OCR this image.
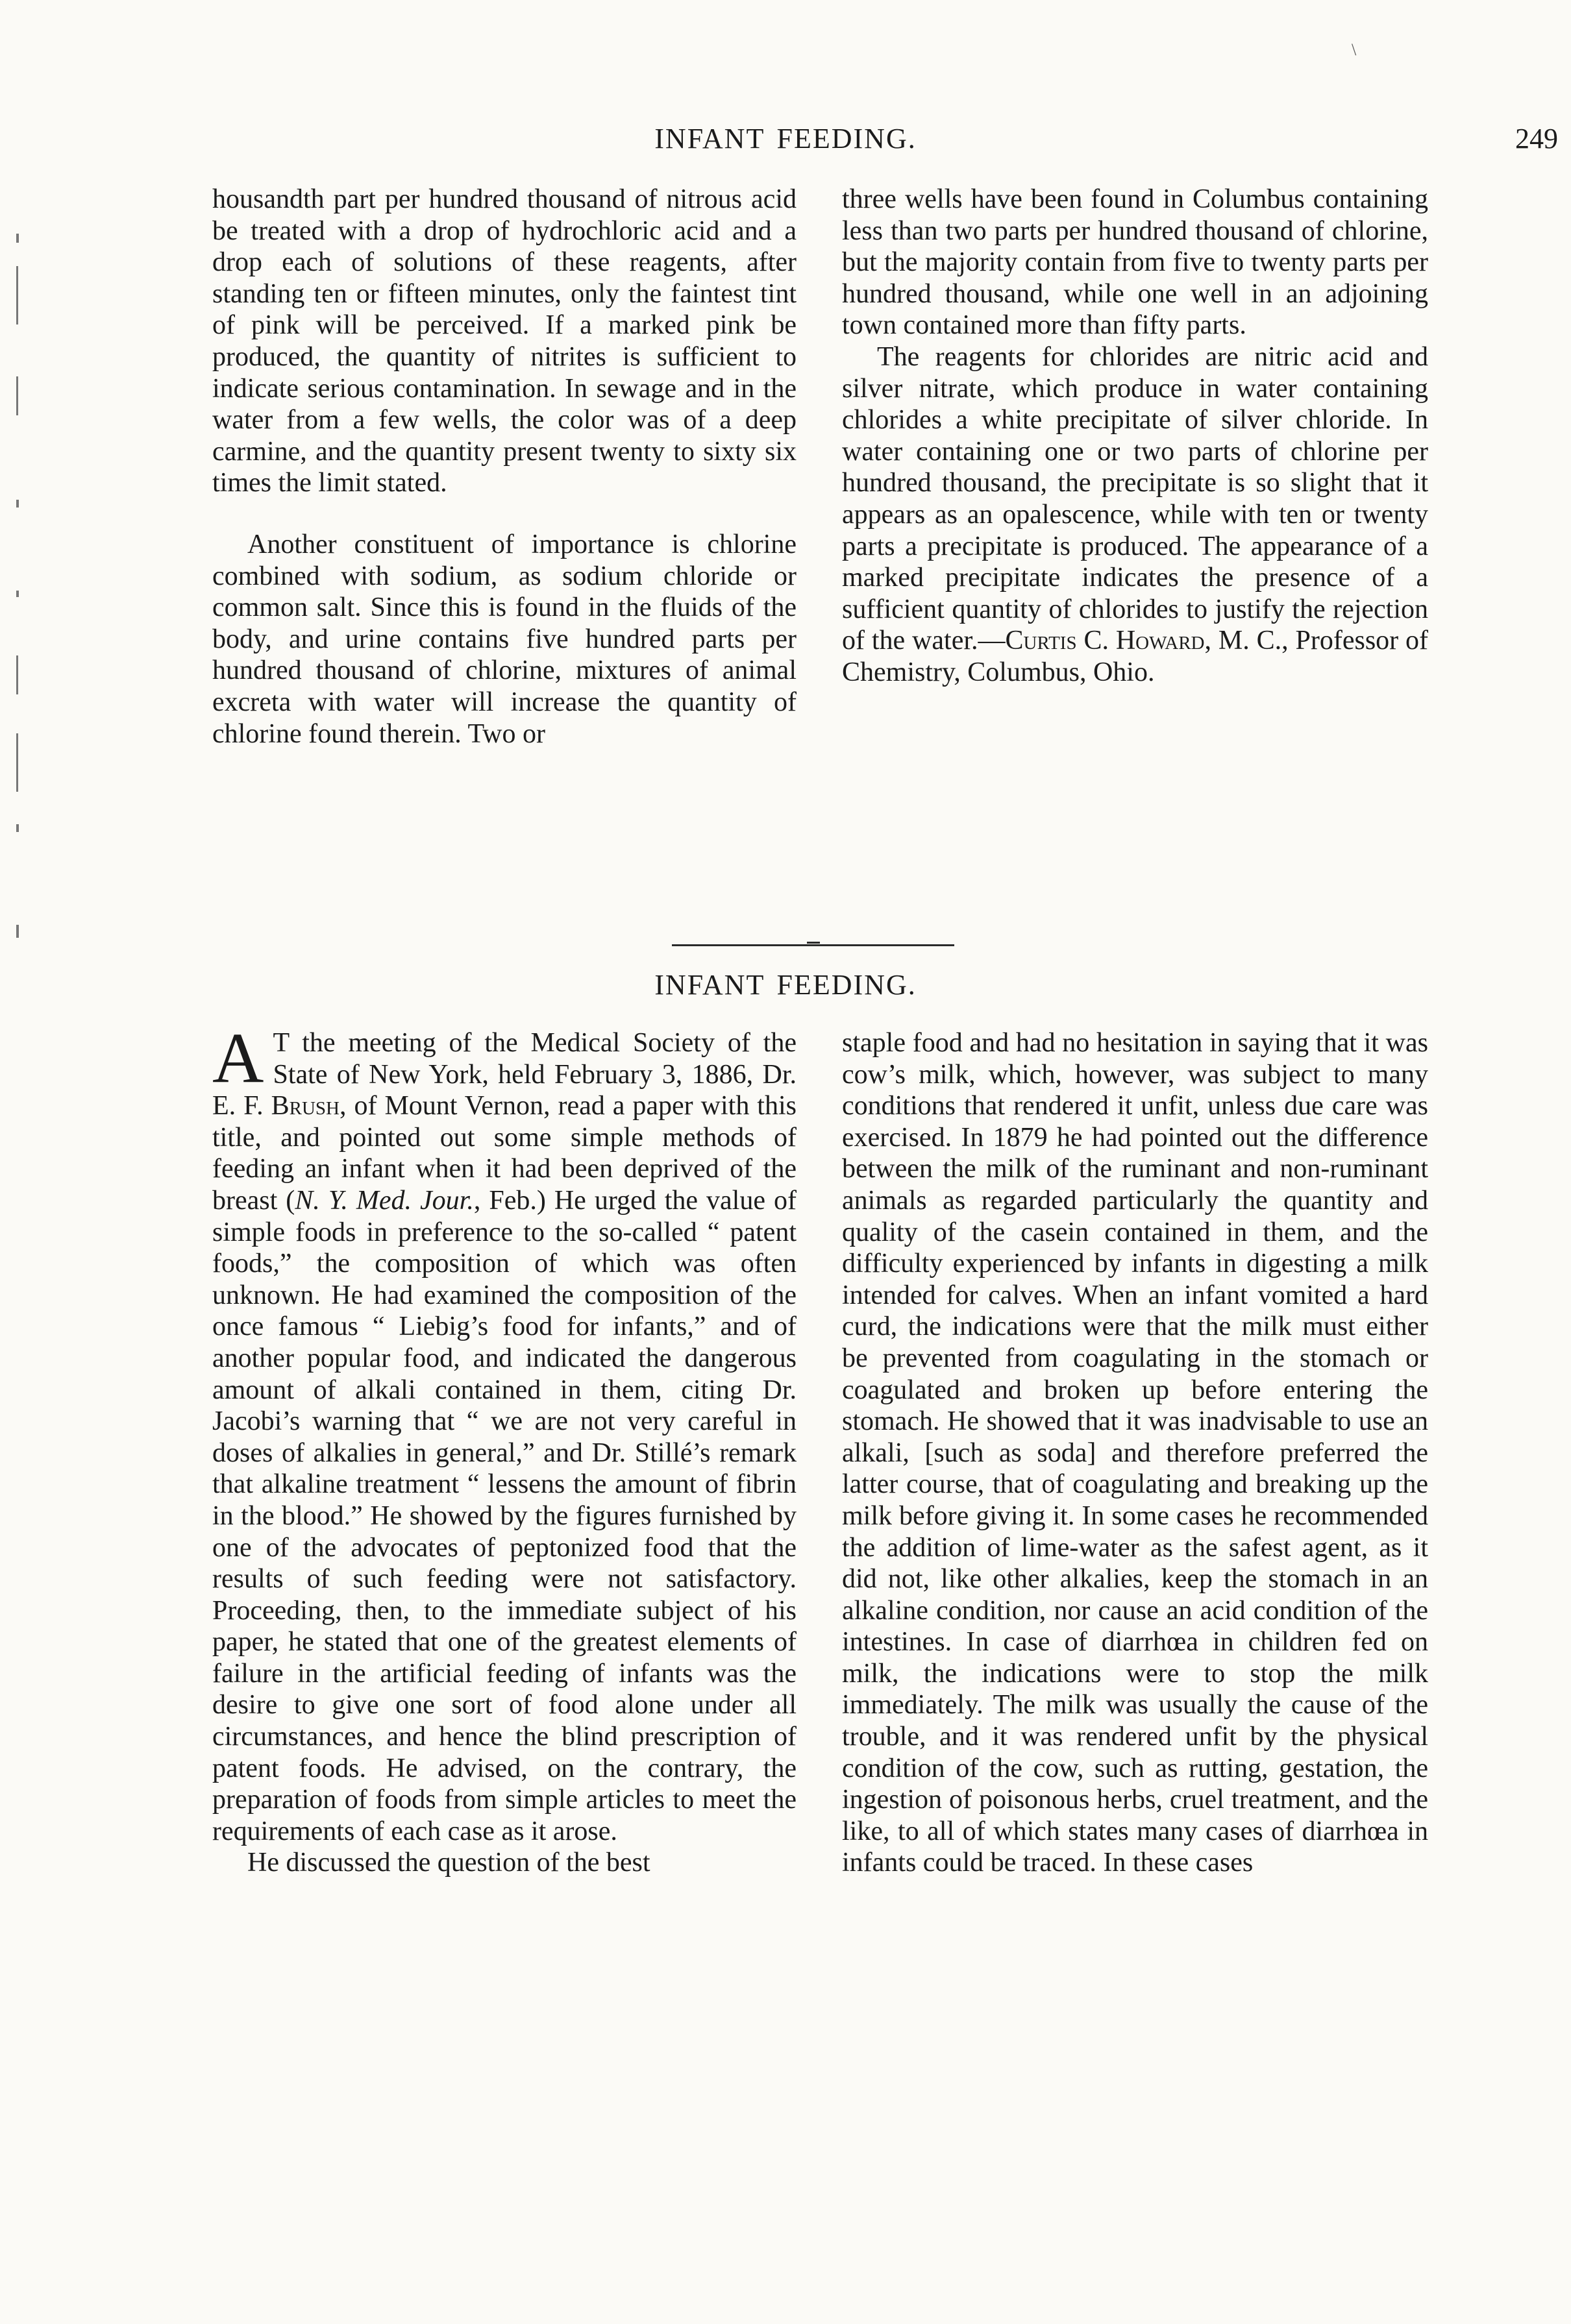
\
INFANT FEEDING.	249

housandth part per hundred thousand of nitrous acid be treated with a drop of hydrochloric acid and a drop each of solutions of these reagents, after standing ten or fifteen minutes, only the faintest tint of pink will be perceived. If a marked pink be produced, the quantity of nitrites is sufficient to indicate serious contamination. In sewage and in the water from a few wells, the color was of a deep carmine, and the quantity present twenty to sixty six times the limit stated.

Another constituent of importance is chlorine combined with sodium, as sodium chloride or common salt. Since this is found in the fluids of the body, and urine contains five hundred parts per hundred thousand of chlorine, mixtures of animal excreta with water will increase the quantity of chlorine found therein. Two or

three wells have been found in Columbus containing less than two parts per hundred thousand of chlorine, but the majority contain from five to twenty parts per hundred thousand, while one well in an adjoining town contained more than fifty parts.

The reagents for chlorides are nitric acid and silver nitrate, which produce in water containing chlorides a white precipitate of silver chloride. In water containing one or two parts of chlorine per hundred thousand, the precipitate is so slight that it appears as an opalescence, while with ten or twenty parts a precipitate is produced. The appearance of a marked precipitate indicates the presence of a sufficient quantity of chlorides to justify the rejection of the water.—Curtis C. Howard, M. C., Professor of Chemistry, Columbus, Ohio.

INFANT FEEDING.

A T the meeting of the Medical Society of the State of New York, held February 3, 1886, Dr. E. F. Brush, of Mount Vernon, read a paper with this title, and pointed out some simple methods of feeding an infant when it had been deprived of the breast (N. Y. Med. Jour., Feb.) He urged the value of simple foods in preference to the so-called “ patent foods,” the composition of which was often unknown. He had examined the composition of the once famous “ Liebig’s food for infants,” and of another popular food, and indicated the dangerous amount of alkali contained in them, citing Dr. Jacobi’s warning that “ we are not very careful in doses of alkalies in general,” and Dr. Stillé’s remark that alkaline treatment “ lessens the amount of fibrin in the blood.” He showed by the figures furnished by one of the advocates of peptonized food that the results of such feeding were not satisfactory. Proceeding, then, to the immediate subject of his paper, he stated that one of the greatest elements of failure in the artificial feeding of infants was the desire to give one sort of food alone under all circumstances, and hence the blind prescription of patent foods. He advised, on the contrary, the preparation of foods from simple articles to meet the requirements of each case as it arose.

He discussed the question of the best

staple food and had no hesitation in saying that it was cow’s milk, which, however, was subject to many conditions that rendered it unfit, unless due care was exercised. In 1879 he had pointed out the difference between the milk of the ruminant and non-ruminant animals as regarded particularly the quantity and quality of the casein contained in them, and the difficulty experienced by infants in digesting a milk intended for calves. When an infant vomited a hard curd, the indications were that the milk must either be prevented from coagulating in the stomach or coagulated and broken up before entering the stomach. He showed that it was inadvisable to use an alkali, [such as soda] and therefore preferred the latter course, that of coagulating and breaking up the milk before giving it. In some cases he recommended the addition of lime-water as the safest agent, as it did not, like other alkalies, keep the stomach in an alkaline condition, nor cause an acid condition of the intestines. In case of diarrhœa in children fed on milk, the indications were to stop the milk immediately. The milk was usually the cause of the trouble, and it was rendered unfit by the physical condition of the cow, such as rutting, gestation, the ingestion of poisonous herbs, cruel treatment, and the like, to all of which states many cases of diarrhœa in infants could be traced. In these cases
